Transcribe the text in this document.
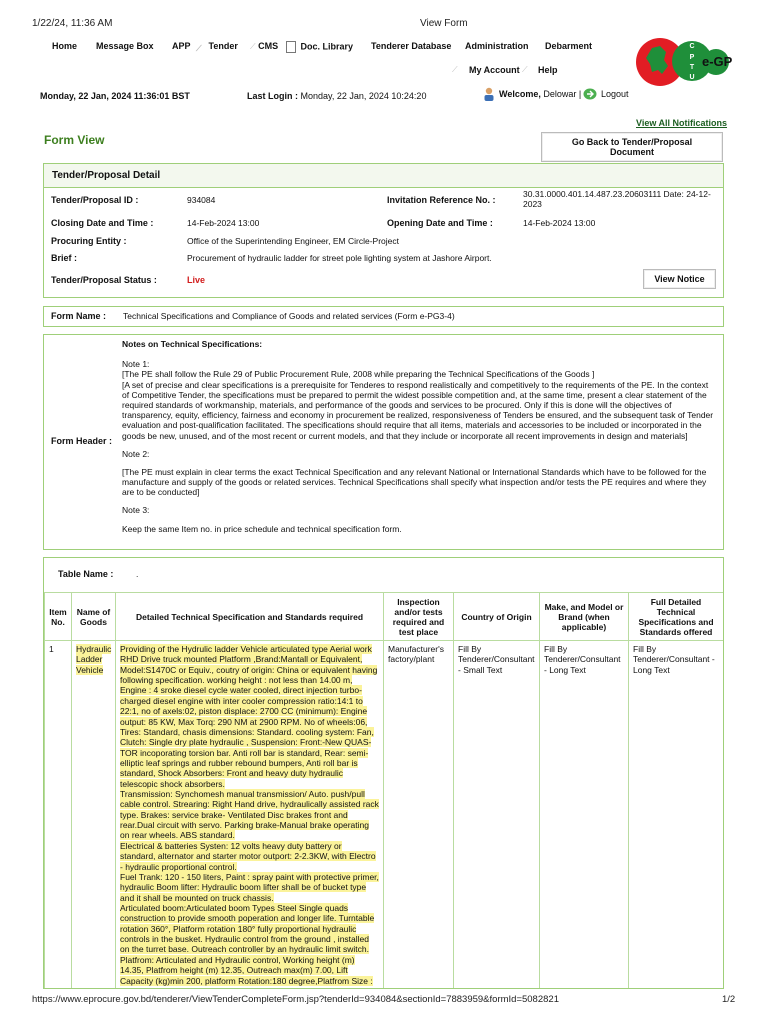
1/22/24, 11:36 AM	View Form
Home Message Box APP ⟋ Tender ⟋ CMS	Doc. Library Tenderer Database Administration Debarment
⟋ My Account ⟋ Help
C
P
T
U
e-GP
Monday, 22 Jan, 2024 11:36:01 BST	Last Login : Monday, 22 Jan, 2024 10:24:20	Welcome, Delowar | Logout
View All Notifications
Form View	Go Back to Tender/Proposal Document
Tender/Proposal Detail
Tender/Proposal ID :	934084	Invitation Reference No. :
30.31.0000.401.14.487.23.20603111 Date: 24-12-2023
Closing Date and Time :	14-Feb-2024 13:00	Opening Date and Time :	14-Feb-2024 13:00
Procuring Entity :	Office of the Superintending Engineer, EM Circle-Project
Brief :	Procurement of hydraulic ladder for street pole lighting system at Jashore Airport.
Tender/Proposal Status :	Live	View Notice
Form Name : Technical Specifications and Compliance of Goods and related services (Form e-PG3-4)
Form Header :

Notes on Technical Specifications:

Note 1:

[The PE shall follow the Rule 29 of Public Procurement Rule, 2008 while preparing the Technical Specifications of the Goods ]

[A set of precise and clear specifications is a prerequisite for Tenderes to respond realistically and competitively to the requirements of the PE. In the context of Competitive Tender, the specifications must be prepared to permit the widest possible competition and, at the same time, present a clear statement of the required standards of workmanship, materials, and performance of the goods and services to be procured. Only if this is done will the objectives of transparency, equity, efficiency, fairness and economy in procurement be realized, responsiveness of Tenders be ensured, and the subsequent task of Tender evaluation and post-qualification facilitated. The specifications should require that all items, materials and accessories to be included or incorporated in the goods be new, unused, and of the most recent or current models, and that they include or incorporate all recent improvements in design and materials]

Note 2:

[The PE must explain in clear terms the exact Technical Specification and any relevant National or International Standards which have to be followed for the manufacture and supply of the goods or related services. Technical Specifications shall specify what inspection and/or tests the PE requires and where they are to be conducted]

Note 3:

Keep the same Item no. in price schedule and technical specification form.

Table Name :	.
Item No.	Name of Goods	Detailed Technical Specification and Standards required	Inspection and/or tests required and test place	Country of Origin	Make, and Model or Brand (when applicable)	Full Detailed Technical Specifications and Standards offered
1	Hydraulic Ladder Vehicle	Providing of the Hydrulic ladder Vehicle articulated type Aerial work RHD Drive truck mounted Platform ,Brand:Mantall or Equivalent, Model:S1470C or Equiv., coutry of origin: China or equivalent having following specification. working height : not less than 14.00 m, Engine : 4 sroke diesel cycle water cooled, direct injection turbo-charged diesel engine with inter cooler compression ratio:14:1 to 22:1, no of axels:02, piston displace: 2700 CC (minimum): Engine output: 85 KW, Max Torq: 290 NM at 2900 RPM. No of wheels:06, Tires: Standard, chasis dimensions: Standard. cooling system: Fan, Clutch: Single dry plate hydraulic , Suspension: Front:-New QUAS-TOR incoporating torsion bar. Anti roll bar is standard, Rear: semi-elliptic leaf springs and rubber rebound bumpers, Anti roll bar is standard, Shock Absorbers: Front and heavy duty hydraulic telescopic shock absorbers.
Transmission: Synchomesh manual transmission/ Auto. push/pull cable control. Strearing: Right Hand drive, hydraulically assisted rack type. Brakes: service brake- Ventilated Disc brakes front and rear.Dual circuit with servo. Parking brake-Manual brake operating on rear wheels. ABS standard.
Electrical & batteries Systen: 12 volts heavy duty battery or standard, alternator and starter motor outport: 2-2.3KW, with Electro - hydraulic proportional control.
Fuel Trank: 120 - 150 liters, Paint : spray paint with protective primer, hydraulic Boom lifter: Hydraulic boom lifter shall be of bucket type and it shall be mounted on truck chassis.
Articulated boom:Articulated boom Types Steel Single quads construction to provide smooth poperation and longer life. Turntable rotation 360°, Platform rotation 180° fully proportional hydraulic controls in the busket. Hydraulic control from the ground , installed on the turret base. Outreach controller by an hydraulic limit switch. Platfrom: Articulated and Hydraulic control, Working height (m) 14.35, Platfrom height (m) 12.35, Outreach max(m) 7.00, Lift Capacity (kg)min 200, platform Rotation:180 degree,Platfrom Size :	Manufacturer's factory/plant	Fill By Tenderer/Consultant - Small Text	Fill By Tenderer/Consultant - Long Text	Fill By Tenderer/Consultant - Long Text
https://www.eprocure.gov.bd/tenderer/ViewTenderCompleteForm.jsp?tenderId=934084&sectionId=7883959&formId=5082821	1/2
